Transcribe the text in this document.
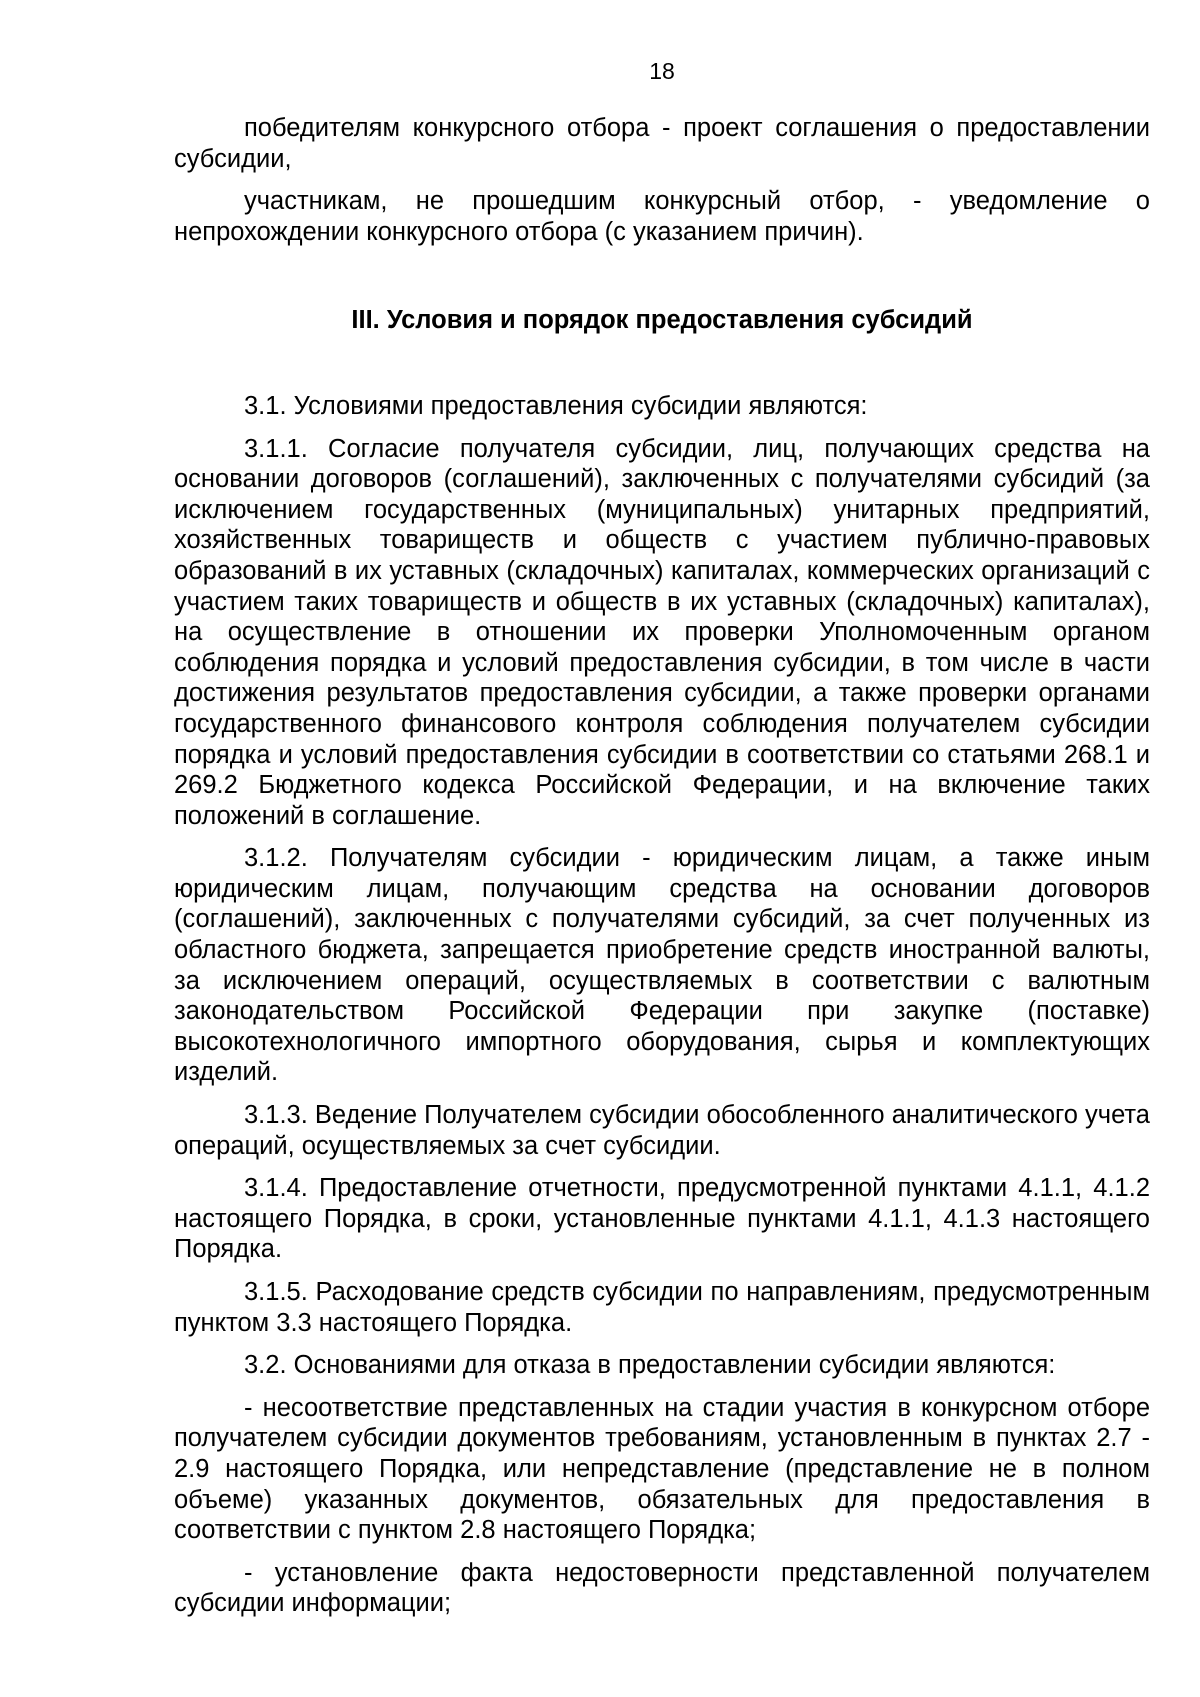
18

победителям конкурсного отбора - проект соглашения о предоставлении субсидии,

участникам, не прошедшим конкурсный отбор, - уведомление о непрохождении конкурсного отбора (с указанием причин).

III. Условия и порядок предоставления субсидий

3.1. Условиями предоставления субсидии являются:

3.1.1. Согласие получателя субсидии, лиц, получающих средства на основании договоров (соглашений), заключенных с получателями субсидий (за исключением государственных (муниципальных) унитарных предприятий, хозяйственных товариществ и обществ с участием публично-правовых образований в их уставных (складочных) капиталах, коммерческих организаций с участием таких товариществ и обществ в их уставных (складочных) капиталах), на осуществление в отношении их проверки Уполномоченным органом соблюдения порядка и условий предоставления субсидии, в том числе в части достижения результатов предоставления субсидии, а также проверки органами государственного финансового контроля соблюдения получателем субсидии порядка и условий предоставления субсидии в соответствии со статьями 268.1 и 269.2 Бюджетного кодекса Российской Федерации, и на включение таких положений в соглашение.

3.1.2. Получателям субсидии - юридическим лицам, а также иным юридическим лицам, получающим средства на основании договоров (соглашений), заключенных с получателями субсидий, за счет полученных из областного бюджета, запрещается приобретение средств иностранной валюты, за исключением операций, осуществляемых в соответствии с валютным законодательством Российской Федерации при закупке (поставке) высокотехнологичного импортного оборудования, сырья и комплектующих изделий.

3.1.3. Ведение Получателем субсидии обособленного аналитического учета операций, осуществляемых за счет субсидии.

3.1.4. Предоставление отчетности, предусмотренной пунктами 4.1.1, 4.1.2 настоящего Порядка, в сроки, установленные пунктами 4.1.1, 4.1.3 настоящего Порядка.

3.1.5. Расходование средств субсидии по направлениям, предусмотренным пунктом 3.3 настоящего Порядка.

3.2. Основаниями для отказа в предоставлении субсидии являются:

- несоответствие представленных на стадии участия в конкурсном отборе получателем субсидии документов требованиям, установленным в пунктах 2.7 - 2.9 настоящего Порядка, или непредставление (представление не в полном объеме) указанных документов, обязательных для предоставления в соответствии с пунктом 2.8 настоящего Порядка;

- установление факта недостоверности представленной получателем субсидии информации;
